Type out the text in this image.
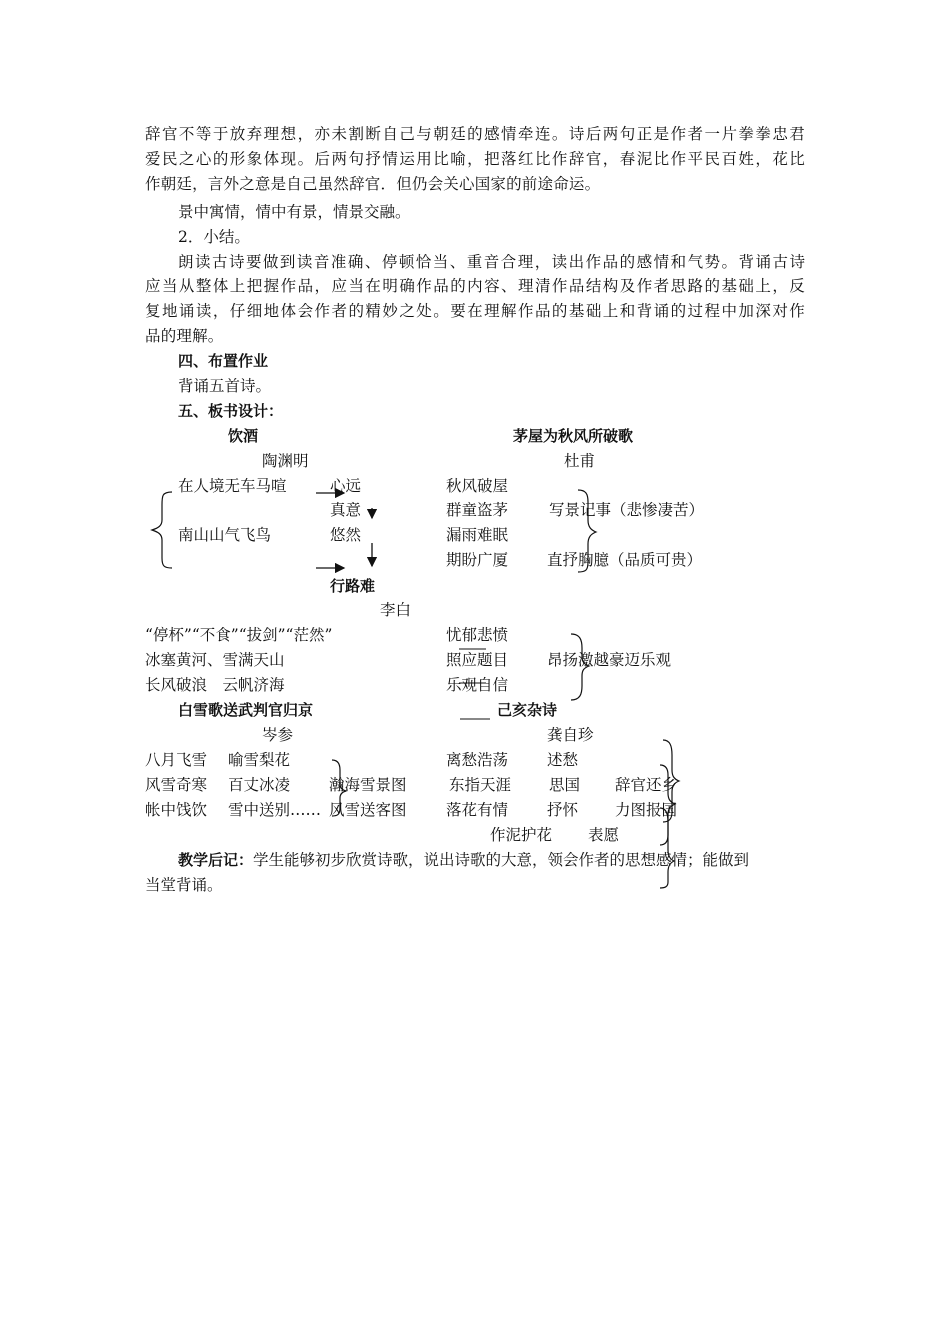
辞官不等于放弃理想，亦未割断自己与朝廷的感情牵连。诗后两句正是作者一片拳拳忠君
爱民之心的形象体现。后两句抒情运用比喻，把落红比作辞官，春泥比作平民百姓，花比
作朝廷，言外之意是自己虽然辞官．但仍会关心国家的前途命运。
景中寓情，情中有景，情景交融。
2．小结。
朗读古诗要做到读音准确、停顿恰当、重音合理，读出作品的感情和气势。背诵古诗
应当从整体上把握作品，应当在明确作品的内容、理清作品结构及作者思路的基础上，反
复地诵读，仔细地体会作者的精妙之处。要在理解作品的基础上和背诵的过程中加深对作
品的理解。
四、布置作业
背诵五首诗。
五、板书设计：
饮酒
陶渊明
在人境无车马喧
南山山气飞鸟
心远
真意
悠然
茅屋为秋风所破歌
杜甫
秋风破屋
群童盗茅
漏雨难眠
期盼广厦
写景记事（悲惨凄苦）
直抒胸臆（品质可贵）
行路难
李白
“停杯”“不食”“拔剑”“茫然”
冰塞黄河、雪满天山
长风破浪　云帆济海
忧郁悲愤
照应题目
乐观自信
昂扬激越豪迈乐观
白雪歌送武判官归京
岑参
八月飞雪 喻雪梨花
风雪奇寒 百丈冰凌
帐中饯饮 雪中送别……
瀚海雪景图
风雪送客图
己亥杂诗
龚自珍
离愁浩荡	述愁
东指天涯 思国
落花有情	抒怀
作泥护花 表愿
辞官还乡
力图报国
教学后记：学生能够初步欣赏诗歌，说出诗歌的大意，领会作者的思想感情；能做到
当堂背诵。
